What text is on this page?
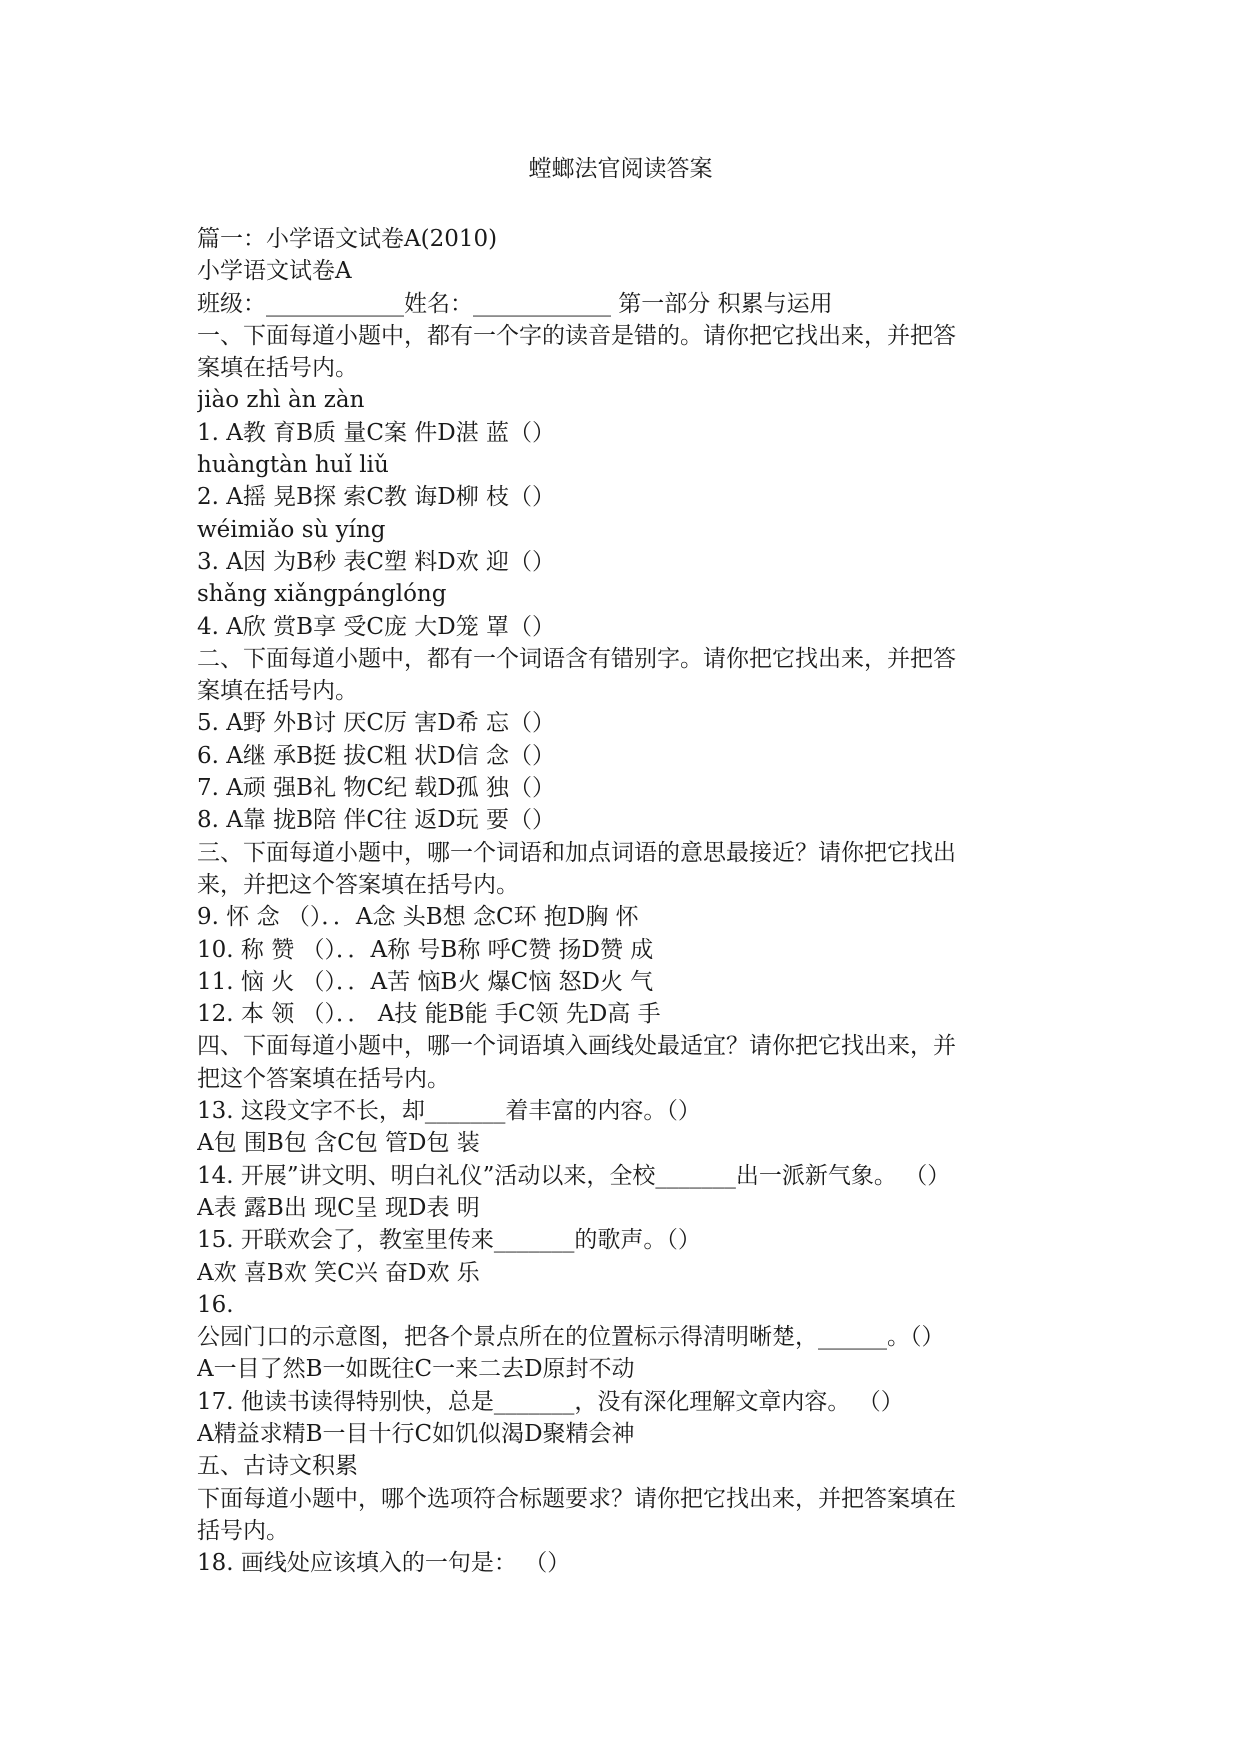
螳螂法官阅读答案
篇一：小学语文试卷A(2010)
小学语文试卷A
班级：____________姓名：____________ 第一部分 积累与运用
一、下面每道小题中，都有一个字的读音是错的。请你把它找出来，并把答
案填在括号内。
jiào zhì àn zàn
1. A教 育B质 量C案 件D湛 蓝（）
huàngtàn huǐ liǔ
2. A摇 晃B探 索C教 诲D柳 枝（）
wéimiǎo sù yíng
3. A因 为B秒 表C塑 料D欢 迎（）
shǎng xiǎngpánglóng
4. A欣 赏B享 受C庞 大D笼 罩（）
二、下面每道小题中，都有一个词语含有错别字。请你把它找出来，并把答
案填在括号内。
5. A野 外B讨 厌C厉 害D希 忘（）
6. A继 承B挺 拔C粗 状D信 念（）
7. A顽 强B礼 物C纪 载D孤 独（）
8. A靠 拢B陪 伴C往 返D玩 要（）
三、下面每道小题中，哪一个词语和加点词语的意思最接近？请你把它找出
来，并把这个答案填在括号内。
9. 怀 念 （）．．A念 头B想 念C环 抱D胸 怀
10. 称 赞 （）．．A称 号B称 呼C赞 扬D赞 成
11. 恼 火 （）．．A苦 恼B火 爆C恼 怒D火 气
12. 本 领 （）．． A技 能B能 手C领 先D高 手
四、下面每道小题中，哪一个词语填入画线处最适宜？请你把它找出来，并
把这个答案填在括号内。
13. 这段文字不长，却_______着丰富的内容。（）
A包 围B包 含C包 管D包 装
14. 开展”讲文明、明白礼仪”活动以来，全校_______出一派新气象。 （）
A表 露B出 现C呈 现D表 明
15. 开联欢会了，教室里传来_______的歌声。（）
A欢 喜B欢 笑C兴 奋D欢 乐
16.
公园门口的示意图，把各个景点所在的位置标示得清明晰楚，______。（）
A一目了然B一如既往C一来二去D原封不动
17. 他读书读得特别快，总是_______，没有深化理解文章内容。 （）
A精益求精B一目十行C如饥似渴D聚精会神
五、古诗文积累
下面每道小题中，哪个选项符合标题要求？请你把它找出来，并把答案填在
括号内。
18. 画线处应该填入的一句是： （）
